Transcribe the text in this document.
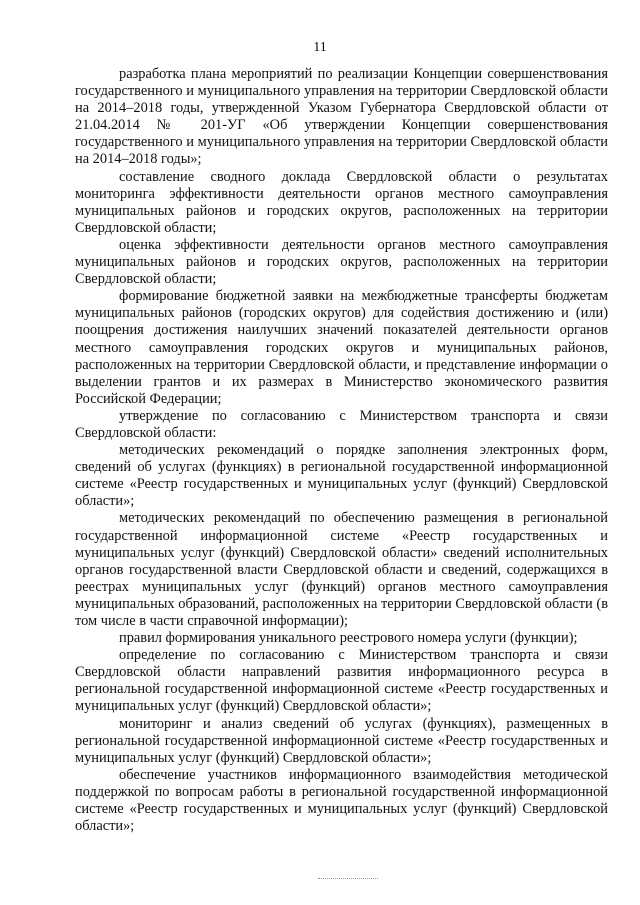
11

разработка плана мероприятий по реализации Концепции совершенствования государственного и муниципального управления на территории Свердловской области на 2014–2018 годы, утвержденной Указом Губернатора Свердловской области от 21.04.2014 № 201-УГ «Об утверждении Концепции совершенствования государственного и муниципального управления на территории Свердловской области на 2014–2018 годы»;

составление сводного доклада Свердловской области о результатах мониторинга эффективности деятельности органов местного самоуправления муниципальных районов и городских округов, расположенных на территории Свердловской области;

оценка эффективности деятельности органов местного самоуправления муниципальных районов и городских округов, расположенных на территории Свердловской области;

формирование бюджетной заявки на межбюджетные трансферты бюджетам муниципальных районов (городских округов) для содействия достижению и (или) поощрения достижения наилучших значений показателей деятельности органов местного самоуправления городских округов и муниципальных районов, расположенных на территории Свердловской области, и представление информации о выделении грантов и их размерах в Министерство экономического развития Российской Федерации;

утверждение по согласованию с Министерством транспорта и связи Свердловской области:

методических рекомендаций о порядке заполнения электронных форм, сведений об услугах (функциях) в региональной государственной информационной системе «Реестр государственных и муниципальных услуг (функций) Свердловской области»;

методических рекомендаций по обеспечению размещения в региональной государственной информационной системе «Реестр государственных и муниципальных услуг (функций) Свердловской области» сведений исполнительных органов государственной власти Свердловской области и сведений, содержащихся в реестрах муниципальных услуг (функций) органов местного самоуправления муниципальных образований, расположенных на территории Свердловской области (в том числе в части справочной информации);

правил формирования уникального реестрового номера услуги (функции);

определение по согласованию с Министерством транспорта и связи Свердловской области направлений развития информационного ресурса в региональной государственной информационной системе «Реестр государственных и муниципальных услуг (функций) Свердловской области»;

мониторинг и анализ сведений об услугах (функциях), размещенных в региональной государственной информационной системе «Реестр государственных и муниципальных услуг (функций) Свердловской области»;

обеспечение участников информационного взаимодействия методической поддержкой по вопросам работы в региональной государственной информационной системе «Реестр государственных и муниципальных услуг (функций) Свердловской области»;
